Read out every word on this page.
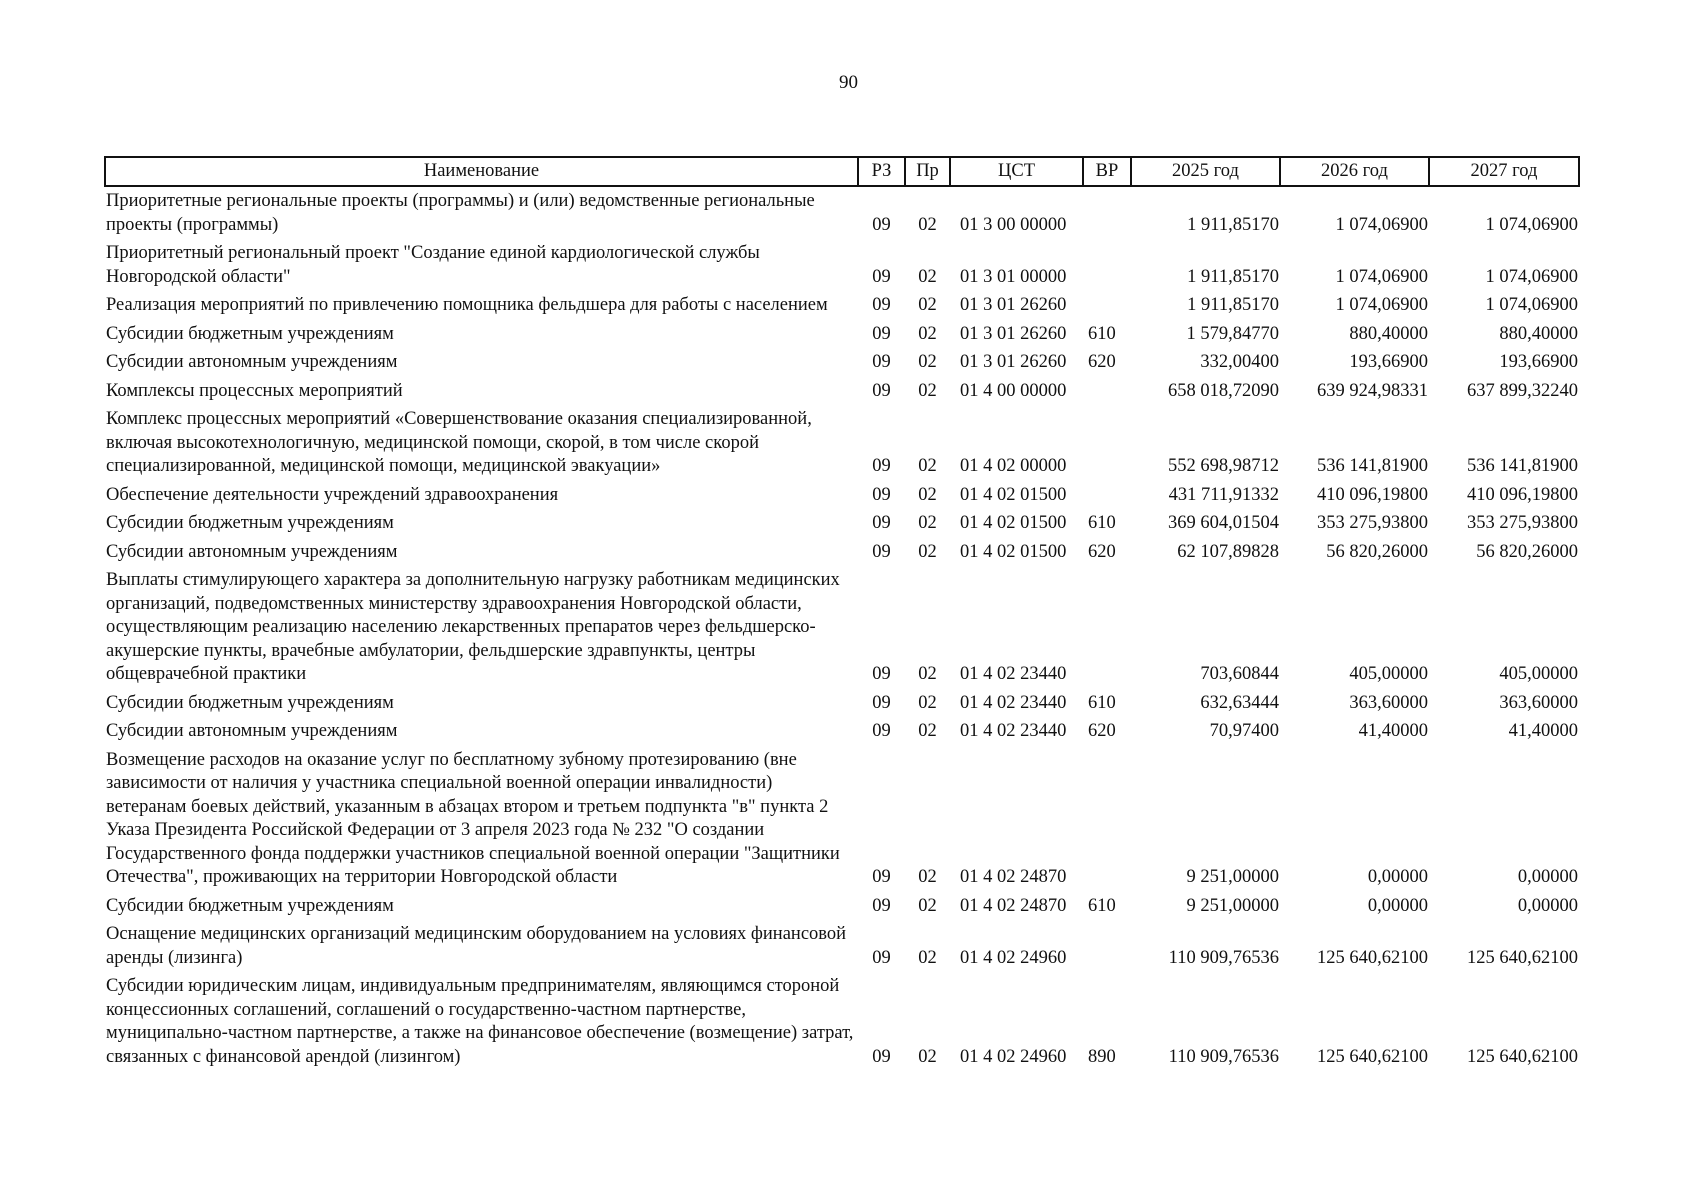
90
Наименование	РЗ	Пр	ЦСТ	ВР	2025 год	2026 год	2027 год
Приоритетные региональные проекты (программы) и (или) ведомственные региональные проекты (программы)	09	02	01 3 00 00000		1 911,85170	1 074,06900	1 074,06900
Приоритетный региональный проект "Создание единой кардиологической службы Новгородской области"	09	02	01 3 01 00000		1 911,85170	1 074,06900	1 074,06900
Реализация мероприятий по привлечению помощника фельдшера для работы с населением	09	02	01 3 01 26260		1 911,85170	1 074,06900	1 074,06900
Субсидии бюджетным учреждениям	09	02	01 3 01 26260	610	1 579,84770	880,40000	880,40000
Субсидии автономным учреждениям	09	02	01 3 01 26260	620	332,00400	193,66900	193,66900
Комплексы процессных мероприятий	09	02	01 4 00 00000		658 018,72090	639 924,98331	637 899,32240
Комплекс процессных мероприятий «Совершенствование оказания специализированной, включая высокотехнологичную, медицинской помощи, скорой, в том числе скорой специализированной, медицинской помощи, медицинской эвакуации»	09	02	01 4 02 00000		552 698,98712	536 141,81900	536 141,81900
Обеспечение деятельности учреждений здравоохранения	09	02	01 4 02 01500		431 711,91332	410 096,19800	410 096,19800
Субсидии бюджетным учреждениям	09	02	01 4 02 01500	610	369 604,01504	353 275,93800	353 275,93800
Субсидии автономным учреждениям	09	02	01 4 02 01500	620	62 107,89828	56 820,26000	56 820,26000
Выплаты стимулирующего характера за дополнительную нагрузку работникам медицинских организаций, подведомственных министерству здравоохранения Новгородской области, осуществляющим реализацию населению лекарственных препаратов через фельдшерско-акушерские пункты, врачебные амбулатории, фельдшерские здравпункты, центры общеврачебной практики	09	02	01 4 02 23440		703,60844	405,00000	405,00000
Субсидии бюджетным учреждениям	09	02	01 4 02 23440	610	632,63444	363,60000	363,60000
Субсидии автономным учреждениям	09	02	01 4 02 23440	620	70,97400	41,40000	41,40000
Возмещение расходов на оказание услуг по бесплатному зубному протезированию (вне зависимости от наличия у участника специальной военной операции инвалидности) ветеранам боевых действий, указанным в абзацах втором и третьем подпункта "в" пункта 2 Указа Президента Российской Федерации от 3 апреля 2023 года № 232 "О создании Государственного фонда поддержки участников специальной военной операции "Защитники Отечества", проживающих на территории Новгородской области	09	02	01 4 02 24870		9 251,00000	0,00000	0,00000
Субсидии бюджетным учреждениям	09	02	01 4 02 24870	610	9 251,00000	0,00000	0,00000
Оснащение медицинских организаций медицинским оборудованием на условиях финансовой аренды (лизинга)	09	02	01 4 02 24960		110 909,76536	125 640,62100	125 640,62100
Субсидии юридическим лицам, индивидуальным предпринимателям, являющимся стороной концессионных соглашений, соглашений о государственно-частном партнерстве, муниципально-частном партнерстве, а также на финансовое обеспечение (возмещение) затрат, связанных с финансовой арендой (лизингом)	09	02	01 4 02 24960	890	110 909,76536	125 640,62100	125 640,62100
